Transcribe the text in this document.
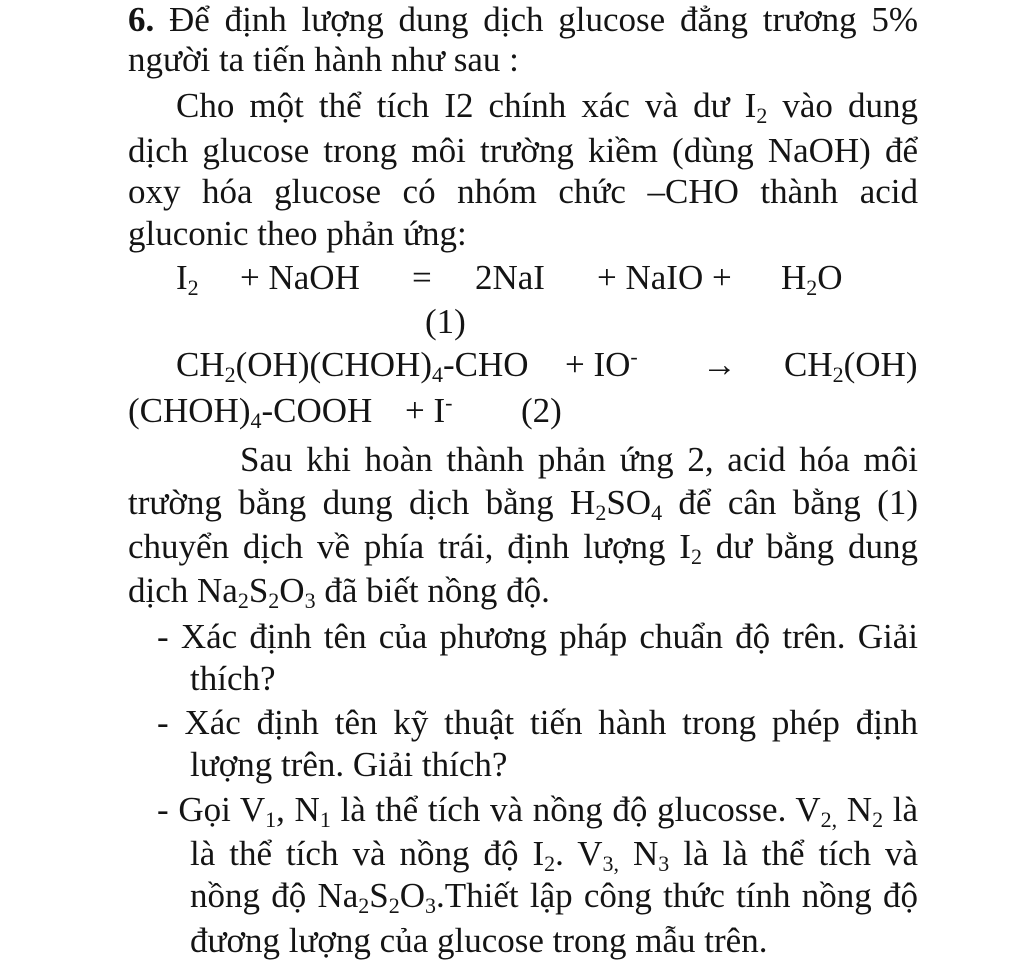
6. Để định lượng dung dịch glucose đẳng trương 5%
người ta tiến hành như sau :
Cho một thể tích I2 chính xác và dư $I_2$ vào dung
dịch glucose trong môi trường kiềm (dùng NaOH) để
oxy hóa glucose có nhóm chức –CHO thành acid
gluconic theo phản ứng:
$I_2$ + NaOH = 2NaI + NaIO + $H_2O$
(1)
$CH_2(OH)(CHOH)_4$-CHO + $IO^- \to CH_2(OH)$
$(CHOH)_4$-COOH + I- (2)
Sau khi hoàn thành phản ứng 2, acid hóa môi
trường bằng dung dịch bằng $H_2SO_4$ để cân bằng (1)
chuyển dịch về phía trái, định lượng $I_2$ dư bằng dung
dịch $Na_2S_2O_3$ đã biết nồng độ.
- Xác định tên của phương pháp chuẩn độ trên. Giải
thích?
- Xác định tên kỹ thuật tiến hành trong phép định
lượng trên. Giải thích?
- Gọi $V_1$, $N_1$ là thể tích và nồng độ glucosse. $V_{2,}$ $N_2$ là
là thể tích và nồng độ $I_2$. $V_{3,}$ $N_3$ là là thể tích và
nồng độ $Na_2S_2O_3.Thiết$ lập công thức tính nồng độ
đương lượng của glucose trong mẫu trên.
